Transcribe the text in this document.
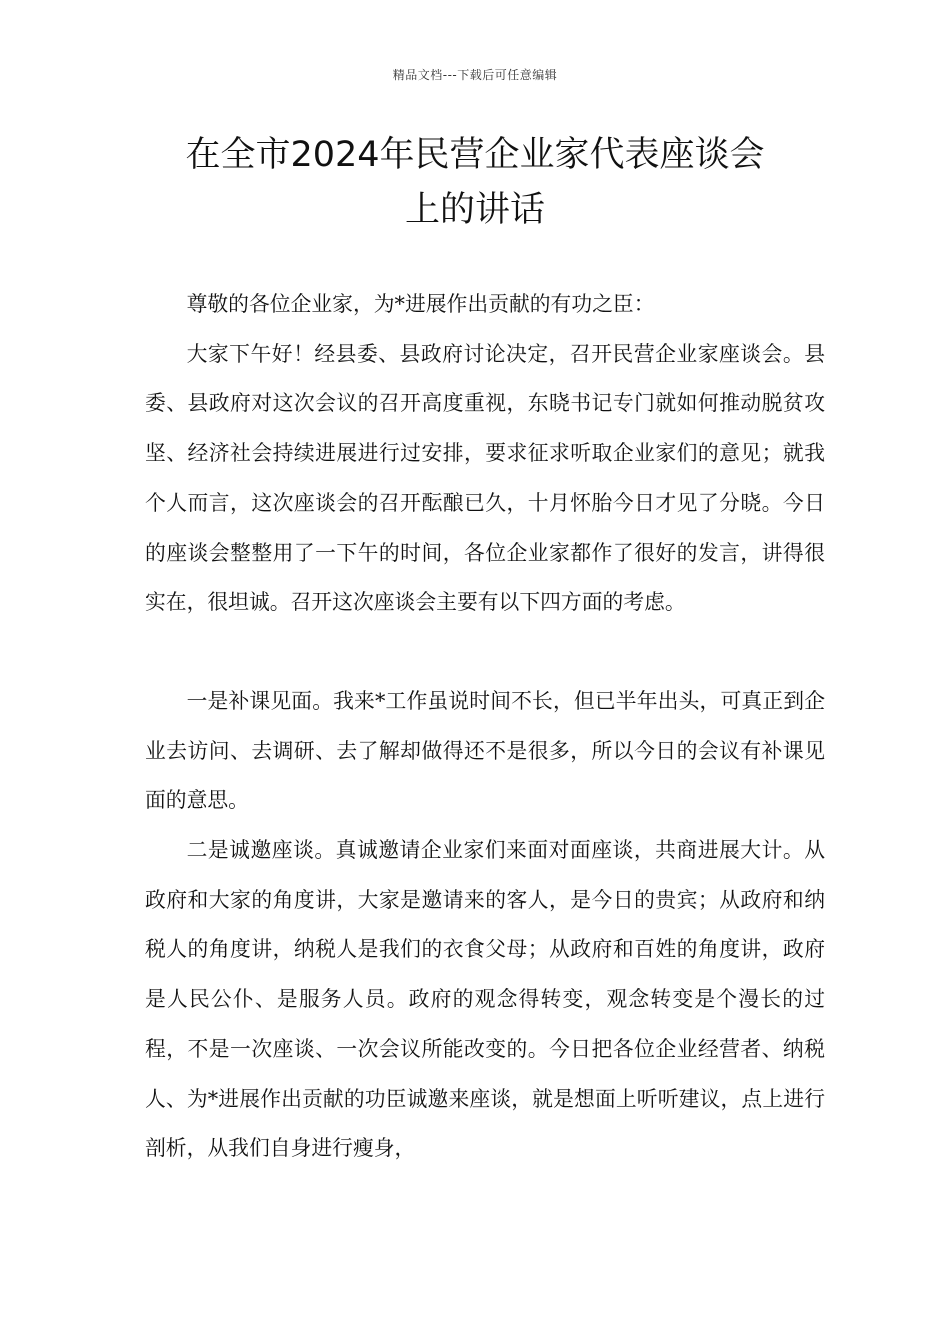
精品文档---下载后可任意编辑
在全市2024年民营企业家代表座谈会
上的讲话

尊敬的各位企业家，为*进展作出贡献的有功之臣：

大家下午好！经县委、县政府讨论决定，召开民营企业家座谈会。县委、县政府对这次会议的召开高度重视，东晓书记专门就如何推动脱贫攻坚、经济社会持续进展进行过安排，要求征求听取企业家们的意见；就我个人而言，这次座谈会的召开酝酿已久，十月怀胎今日才见了分晓。今日的座谈会整整用了一下午的时间，各位企业家都作了很好的发言，讲得很实在，很坦诚。召开这次座谈会主要有以下四方面的考虑。

一是补课见面。我来*工作虽说时间不长，但已半年出头，可真正到企业去访问、去调研、去了解却做得还不是很多，所以今日的会议有补课见面的意思。

二是诚邀座谈。真诚邀请企业家们来面对面座谈，共商进展大计。从政府和大家的角度讲，大家是邀请来的客人，是今日的贵宾；从政府和纳税人的角度讲，纳税人是我们的衣食父母；从政府和百姓的角度讲，政府是人民公仆、是服务人员。政府的观念得转变，观念转变是个漫长的过程，不是一次座谈、一次会议所能改变的。今日把各位企业经营者、纳税人、为*进展作出贡献的功臣诚邀来座谈，就是想面上听听建议，点上进行剖析，从我们自身进行瘦身，
